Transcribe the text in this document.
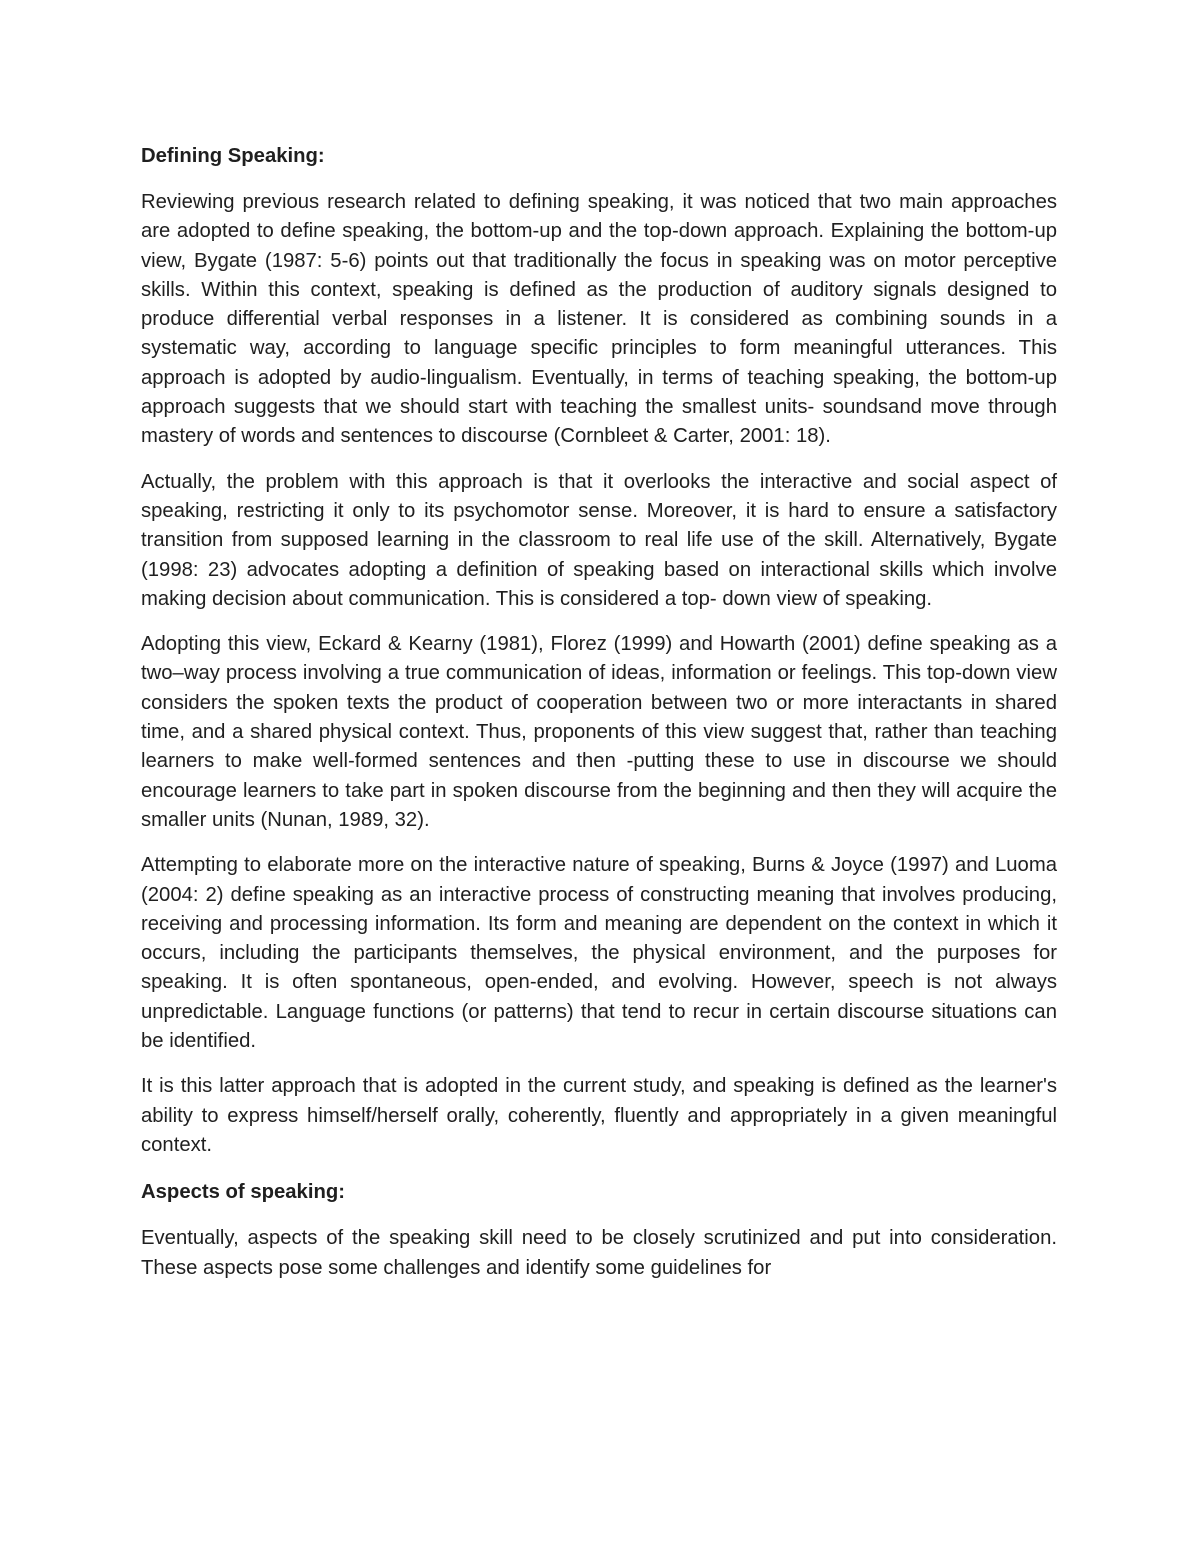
Defining Speaking:

Reviewing previous research related to defining speaking, it was noticed that two main approaches are adopted to define speaking, the bottom-up and the top-down approach. Explaining the bottom-up view, Bygate (1987: 5-6) points out that traditionally the focus in speaking was on motor perceptive skills. Within this context, speaking is defined as the production of auditory signals designed to produce differential verbal responses in a listener. It is considered as combining sounds in a systematic way, according to language specific principles to form meaningful utterances. This approach is adopted by audio-lingualism. Eventually, in terms of teaching speaking, the bottom-up approach suggests that we should start with teaching the smallest units- soundsand move through mastery of words and sentences to discourse (Cornbleet & Carter, 2001: 18).

Actually, the problem with this approach is that it overlooks the interactive and social aspect of speaking, restricting it only to its psychomotor sense. Moreover, it is hard to ensure a satisfactory transition from supposed learning in the classroom to real life use of the skill. Alternatively, Bygate (1998: 23) advocates adopting a definition of speaking based on interactional skills which involve making decision about communication. This is considered a top- down view of speaking.

Adopting this view, Eckard & Kearny (1981), Florez (1999) and Howarth (2001) define speaking as a two–way process involving a true communication of ideas, information or feelings. This top-down view considers the spoken texts the product of cooperation between two or more interactants in shared time, and a shared physical context. Thus, proponents of this view suggest that, rather than teaching learners to make well-formed sentences and then -putting these to use in discourse we should encourage learners to take part in spoken discourse from the beginning and then they will acquire the smaller units (Nunan, 1989, 32).

Attempting to elaborate more on the interactive nature of speaking, Burns & Joyce (1997) and Luoma (2004: 2) define speaking as an interactive process of constructing meaning that involves producing, receiving and processing information. Its form and meaning are dependent on the context in which it occurs, including the participants themselves, the physical environment, and the purposes for speaking. It is often spontaneous, open-ended, and evolving. However, speech is not always unpredictable. Language functions (or patterns) that tend to recur in certain discourse situations can be identified.

It is this latter approach that is adopted in the current study, and speaking is defined as the learner's ability to express himself/herself orally, coherently, fluently and appropriately in a given meaningful context.

Aspects of speaking:

Eventually, aspects of the speaking skill need to be closely scrutinized and put into consideration. These aspects pose some challenges and identify some guidelines for
